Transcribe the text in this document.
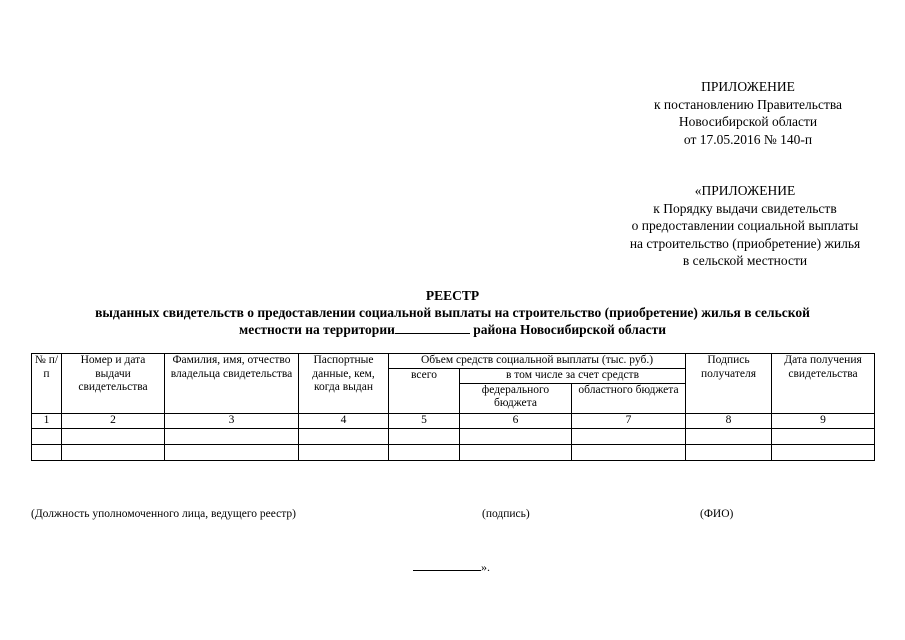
ПРИЛОЖЕНИЕ
к постановлению Правительства
Новосибирской области
от 17.05.2016 № 140-п
«ПРИЛОЖЕНИЕ
к Порядку выдачи свидетельств
о предоставлении социальной выплаты
на строительство (приобретение) жилья
в сельской местности
РЕЕСТР
выданных свидетельств о предоставлении социальной выплаты на строительство (приобретение) жилья в сельской
местности на территории	района Новосибирской области
№ п/п	Номер и дата выдачи свидетельства	Фамилия, имя, отчество владельца свидетельства	Паспортные данные, кем, когда выдан	Объем средств социальной выплаты (тыс. руб.)			Подпись получателя	Дата получения свидетельства
				всего	в том числе за счет средств			
					федерального бюджета	областного бюджета		
1	2	3	4	5	6	7	8	9

(Должность уполномоченного лица, ведущего реестр)	(подпись)	(ФИО)
».
